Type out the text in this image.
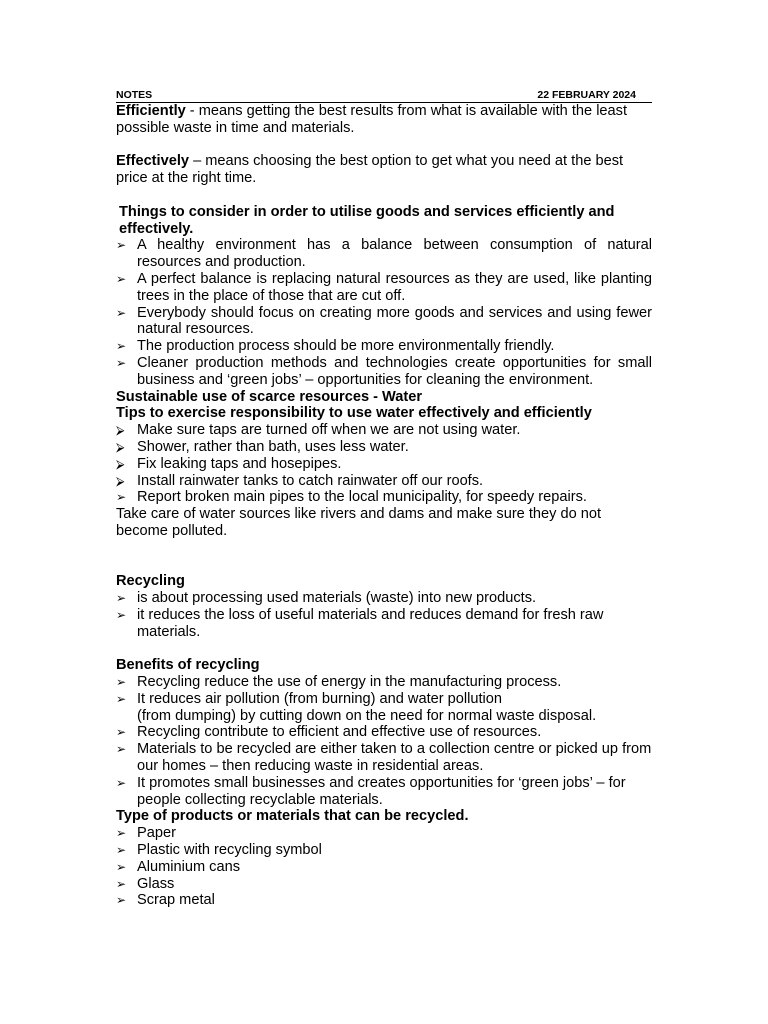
NOTES	22 FEBRUARY 2024

Efficiently - means getting the best results from what is available with the least possible waste in time and materials.

Effectively – means choosing the best option to get what you need at the best price at the right time.

Things to consider in order to utilise goods and services efficiently and effectively.

➢ A healthy environment has a balance between consumption of natural resources and production.
➢ A perfect balance is replacing natural resources as they are used, like planting trees in the place of those that are cut off.
➢ Everybody should focus on creating more goods and services and using fewer natural resources.
➢ The production process should be more environmentally friendly.
➢ Cleaner production methods and technologies create opportunities for small business and ‘green jobs’ – opportunities for cleaning the environment.

Sustainable use of scarce resources - Water

Tips to exercise responsibility to use water effectively and efficiently

⮚ Make sure taps are turned off when we are not using water.
⮚ Shower, rather than bath, uses less water.
⮚ Fix leaking taps and hosepipes.
⮚ Install rainwater tanks to catch rainwater off our roofs.
➢ Report broken main pipes to the local municipality, for speedy repairs.

Take care of water sources like rivers and dams and make sure they do not become polluted.

Recycling

➢ is about processing used materials (waste) into new products.
➢ it reduces the loss of useful materials and reduces demand for fresh raw materials.

Benefits of recycling

➢ Recycling reduce the use of energy in the manufacturing process.
➢ It reduces air pollution (from burning) and water pollution
(from dumping) by cutting down on the need for normal waste disposal.
➢ Recycling contribute to efficient and effective use of resources.
➢ Materials to be recycled are either taken to a collection centre or picked up from our homes – then reducing waste in residential areas.
➢ It promotes small businesses and creates opportunities for ‘green jobs’ – for people collecting recyclable materials.

Type of products or materials that can be recycled.

➢ Paper
➢ Plastic with recycling symbol
➢ Aluminium cans
➢ Glass
➢ Scrap metal
